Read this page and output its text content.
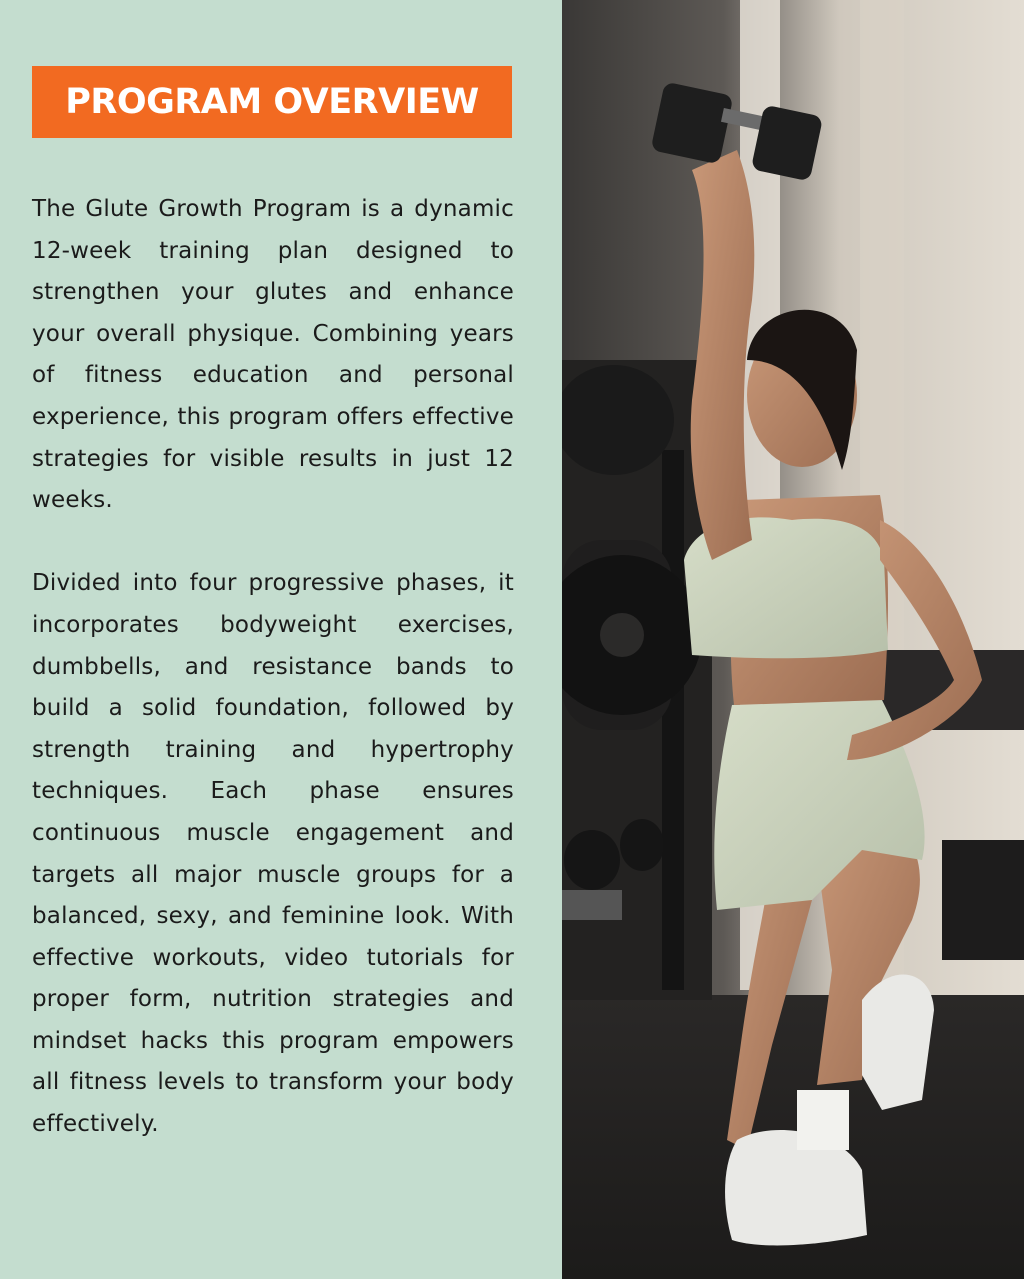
PROGRAM OVERVIEW

The Glute Growth Program is a dynamic 12-week training plan designed to strengthen your glutes and enhance your overall physique. Combining years of fitness education and personal experience, this program offers effective strategies for visible results in just 12 weeks.

Divided into four progressive phases, it incorporates bodyweight exercises, dumbbells, and resistance bands to build a solid foundation, followed by strength training and hypertrophy techniques. Each phase ensures continuous muscle engagement and targets all major muscle groups for a balanced, sexy, and feminine look. With effective workouts, video tutorials for proper form, nutrition strategies and mindset hacks this program empowers all fitness levels to transform your body effectively.
